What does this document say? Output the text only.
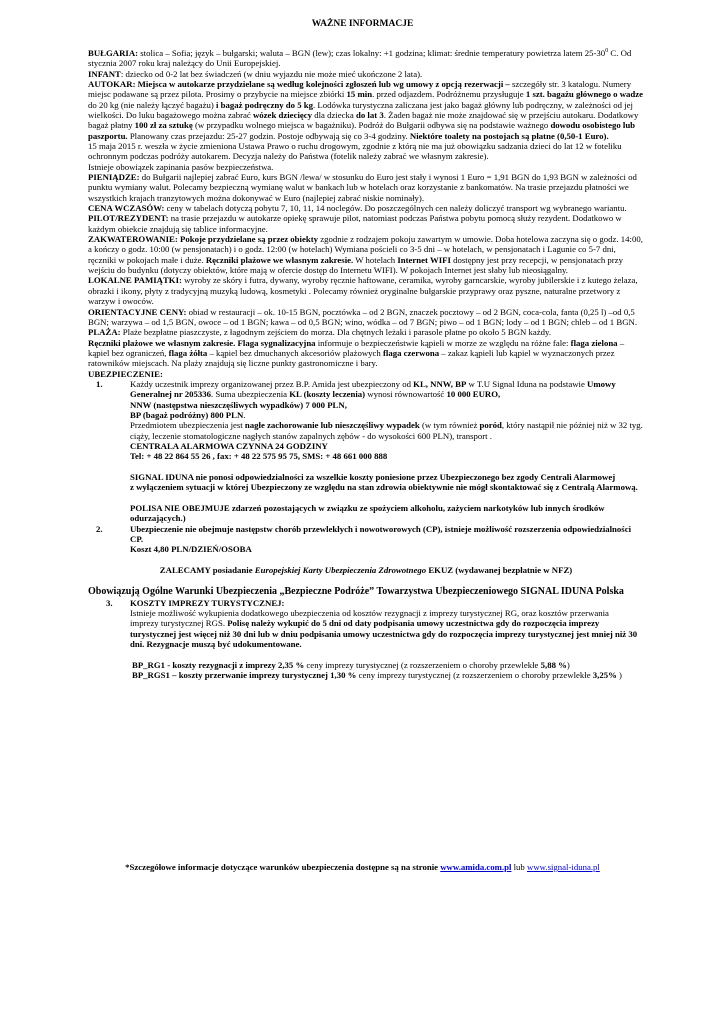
WAŻNE INFORMACJE

BUŁGARIA: stolica – Sofia; język – bułgarski; waluta – BGN (lew); czas lokalny: +1 godzina; klimat: średnie temperatury powietrza latem $25-30^0$ C. Od stycznia 2007 roku kraj należący do Unii Europejskiej.

INFANT: dziecko od 0-2 lat bez świadczeń (w dniu wyjazdu nie może mieć ukończone 2 lata).

AUTOKAR: Miejsca w autokarze przydzielane są według kolejności zgłoszeń lub wg umowy z opcją rezerwacji – szczegóły str. 3 katalogu. Numery miejsc podawane są przez pilota. Prosimy o przybycie na miejsce zbiórki 15 min. przed odjazdem. Podróżnemu przysługuje 1 szt. bagażu głównego o wadze do 20 kg (nie należy łączyć bagażu) i bagaż podręczny do 5 kg. Lodówka turystyczna zaliczana jest jako bagaż główny lub podręczny, w zależności od jej wielkości. Do luku bagażowego można zabrać wózek dziecięcy dla dziecka do lat 3. Żaden bagaż nie może znajdować się w przejściu autokaru. Dodatkowy bagaż płatny 100 zł za sztukę (w przypadku wolnego miejsca w bagażniku). Podróż do Bułgarii odbywa się na podstawie ważnego dowodu osobistego lub paszportu. Planowany czas przejazdu: 25-27 godzin. Postoje odbywają się co 3-4 godziny. Niektóre toalety na postojach są płatne (0,50-1 Euro).

15 maja 2015 r. weszła w życie zmieniona Ustawa Prawo o ruchu drogowym, zgodnie z którą nie ma już obowiązku sadzania dzieci do lat 12 w foteliku ochronnym podczas podróży autokarem. Decyzja należy do Państwa (fotelik należy zabrać we własnym zakresie).

Istnieje obowiązek zapinania pasów bezpieczeństwa.

PIENIĄDZE: do Bułgarii najlepiej zabrać Euro, kurs BGN /lewa/ w stosunku do Euro jest stały i wynosi 1 Euro = 1,91 BGN do 1,93 BGN w zależności od punktu wymiany walut. Polecamy bezpieczną wymianę walut w bankach lub w hotelach oraz korzystanie z bankomatów. Na trasie przejazdu płatności we wszystkich krajach tranzytowych można dokonywać w Euro (najlepiej zabrać niskie nominały).

CENA WCZASÓW: ceny w tabelach dotyczą pobytu 7, 10, 11, 14 noclegów. Do poszczególnych cen należy doliczyć transport wg wybranego wariantu.

PILOT/REZYDENT: na trasie przejazdu w autokarze opiekę sprawuje pilot, natomiast podczas Państwa pobytu pomocą służy rezydent. Dodatkowo w każdym obiekcie znajdują się tablice informacyjne.

ZAKWATEROWANIE: Pokoje przydzielane są przez obiekty zgodnie z rodzajem pokoju zawartym w umowie. Doba hotelowa zaczyna się o godz. 14:00, a kończy o godz. 10:00 (w pensjonatach) i o godz. 12:00 (w hotelach) Wymiana pościeli co 3-5 dni – w hotelach, w pensjonatach i Lagunie co 5-7 dni, ręczniki w pokojach małe i duże. Ręczniki plażowe we własnym zakresie. W hotelach Internet WIFI dostępny jest przy recepcji, w pensjonatach przy wejściu do budynku (dotyczy obiektów, które mają w ofercie dostęp do Internetu WIFI). W pokojach Internet jest słaby lub nieosiągalny.

LOKALNE PAMIĄTKI: wyroby ze skóry i futra, dywany, wyroby ręcznie haftowane, ceramika, wyroby garncarskie, wyroby jubilerskie i z kutego żelaza, obrazki i ikony, płyty z tradycyjną muzyką ludową, kosmetyki . Polecamy również oryginalne bułgarskie przyprawy oraz pyszne, naturalne przetwory z warzyw i owoców.

ORIENTACYJNE CENY: obiad w restauracji – ok. 10-15 BGN, pocztówka – od 2 BGN, znaczek pocztowy – od 2 BGN, coca-cola, fanta (0,25 l) –od 0,5 BGN; warzywa – od 1,5 BGN, owoce – od 1 BGN; kawa – od 0,5 BGN; wino, wódka – od 7 BGN; piwo – od 1 BGN; lody – od 1 BGN; chleb – od 1 BGN.

PLAŻA: Plaże bezpłatne piaszczyste, z łagodnym zejściem do morza. Dla chętnych leżaki i parasole płatne po około 5 BGN każdy.

Ręczniki plażowe we własnym zakresie. Flaga sygnalizacyjna informuje o bezpieczeństwie kąpieli w morze ze względu na różne fale: flaga zielona –kąpiel bez ograniczeń, flaga żółta – kąpiel bez dmuchanych akcesoriów plażowych flaga czerwona – zakaz kąpieli lub kąpiel w wyznaczonych przez ratowników miejscach. Na plaży znajdują się liczne punkty gastronomiczne i bary.

UBEZPIECZENIE:

1.	Każdy uczestnik imprezy organizowanej przez B.P. Amida jest ubezpieczony od KL, NNW, BP w T.U Signal Iduna na podstawie Umowy Generalnej nr 205336. Suma ubezpieczenia KL (koszty leczenia) wynosi równowartość 10 000 EURO,

NNW (następstwa nieszczęśliwych wypadków) 7 000 PLN,

BP (bagaż podróżny) 800 PLN.

Przedmiotem ubezpieczenia jest nagłe zachorowanie lub nieszczęśliwy wypadek (w tym również poród, który nastąpił nie później niż w 32 tyg. ciąży, leczenie stomatologiczne nagłych stanów zapalnych zębów - do wysokości 600 PLN), transport .

CENTRALA ALARMOWA CZYNNA 24 GODZINY

Tel: + 48 22 864 55 26 , fax: + 48 22 575 95 75, SMS: + 48 661 000 888

SIGNAL IDUNA nie ponosi odpowiedzialności za wszelkie koszty poniesione przez Ubezpieczonego bez zgody Centrali Alarmowej

z wyłączeniem sytuacji w której Ubezpieczony ze względu na stan zdrowia obiektywnie nie mógł skontaktować się z Centralą Alarmową.

POLISA NIE OBEJMUJE zdarzeń pozostających w związku ze spożyciem alkoholu, zażyciem narkotyków lub innych środków odurzających.)

2.	Ubezpieczenie nie obejmuje następstw chorób przewlekłych i nowotworowych (CP), istnieje możliwość rozszerzenia odpowiedzialności CP.

Koszt 4,80 PLN/DZIEŃ/OSOBA

ZALECAMY posiadanie Europejskiej Karty Ubezpieczenia Zdrowotnego EKUZ (wydawanej bezpłatnie w NFZ)

Obowiązują Ogólne Warunki Ubezpieczenia „Bezpieczne Podróże” Towarzystwa Ubezpieczeniowego SIGNAL IDUNA Polska

3.	KOSZTY IMPREZY TURYSTYCZNEJ:

Istnieje możliwość wykupienia dodatkowego ubezpieczenia od kosztów rezygnacji z imprezy turystycznej RG, oraz kosztów przerwania

imprezy turystycznej RGS. Polisę należy wykupić do 5 dni od daty podpisania umowy uczestnictwa gdy do rozpoczęcia imprezy turystycznej jest więcej niż 30 dni lub w dniu podpisania umowy uczestnictwa gdy do rozpoczęcia imprezy turystycznej jest mniej niż 30 dni. Rezygnacje muszą być udokumentowane.

BP_RG1 - koszty rezygnacji z imprezy 2,35 % ceny imprezy turystycznej (z rozszerzeniem o choroby przewlekłe 5,88 %)

BP_RGS1 – koszty przerwanie imprezy turystycznej 1,30 % ceny imprezy turystycznej (z rozszerzeniem o choroby przewlekłe 3,25% )

*Szczegółowe informacje dotyczące warunków ubezpieczenia dostępne są na stronie www.amida.com.pl lub www.signal-iduna.pl
